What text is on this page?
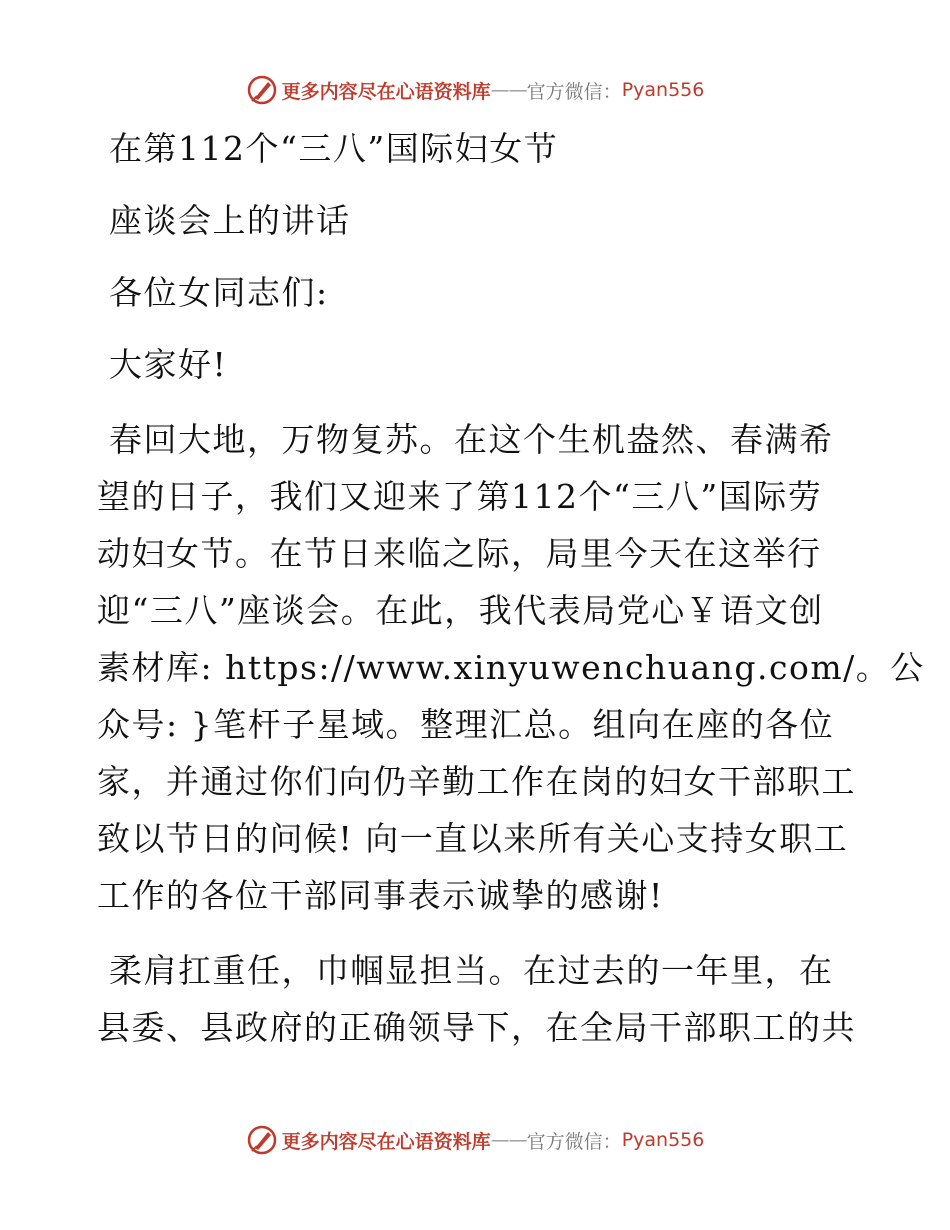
更多内容尽在心语资料库 —— 官方微信： Pyan556
在第112个“三八”国际妇女节
座谈会上的讲话
各位女同志们:
大家好!
春回大地，万物复苏。在这个生机盎然、春满希
望的日子，我们又迎来了第112个“三八”国际劳
动妇女节。在节日来临之际，局里今天在这举行
迎“三八”座谈会。在此，我代表局党心￥语文创
素材库: https://www.xinyuwenchuang.com/。公
众号: }笔杆子星域。整理汇总。组向在座的各位
家，并通过你们向仍辛勤工作在岗的妇女干部职工
致以节日的问候! 向一直以来所有关心支持女职工
工作的各位干部同事表示诚挚的感谢!
柔肩扛重任，巾帼显担当。在过去的一年里，在
县委、县政府的正确领导下，在全局干部职工的共
更多内容尽在心语资料库 —— 官方微信： Pyan556
